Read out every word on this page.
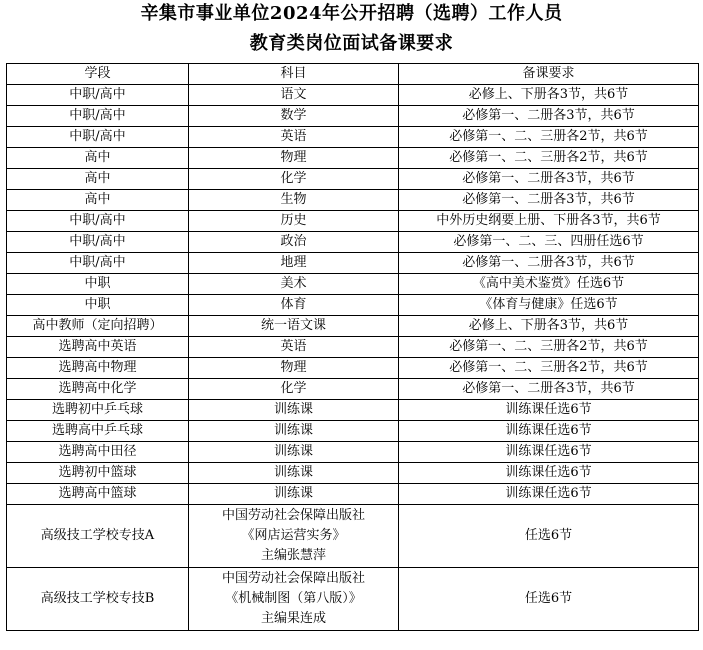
辛集市事业单位2024年公开招聘（选聘）工作人员
教育类岗位面试备课要求
学段	科目	备课要求
中职/高中	语文	必修上、下册各3节，共6节
中职/高中	数学	必修第一、二册各3节，共6节
中职/高中	英语	必修第一、二、三册各2节，共6节
高中	物理	必修第一、二、三册各2节，共6节
高中	化学	必修第一、二册各3节，共6节
高中	生物	必修第一、二册各3节，共6节
中职/高中	历史	中外历史纲要上册、下册各3节，共6节
中职/高中	政治	必修第一、二、三、四册任选6节
中职/高中	地理	必修第一、二册各3节，共6节
中职	美术	《高中美术鉴赏》任选6节
中职	体育	《体育与健康》任选6节
高中教师（定向招聘）	统一语文课	必修上、下册各3节，共6节
选聘高中英语	英语	必修第一、二、三册各2节，共6节
选聘高中物理	物理	必修第一、二、三册各2节，共6节
选聘高中化学	化学	必修第一、二册各3节，共6节
选聘初中乒乓球	训练课	训练课任选6节
选聘高中乒乓球	训练课	训练课任选6节
选聘高中田径	训练课	训练课任选6节
选聘初中篮球	训练课	训练课任选6节
选聘高中篮球	训练课	训练课任选6节
高级技工学校专技A	中国劳动社会保障出版社
《网店运营实务》
主编张慧萍	任选6节
高级技工学校专技B	中国劳动社会保障出版社
《机械制图（第八版）》
主编果连成	任选6节
